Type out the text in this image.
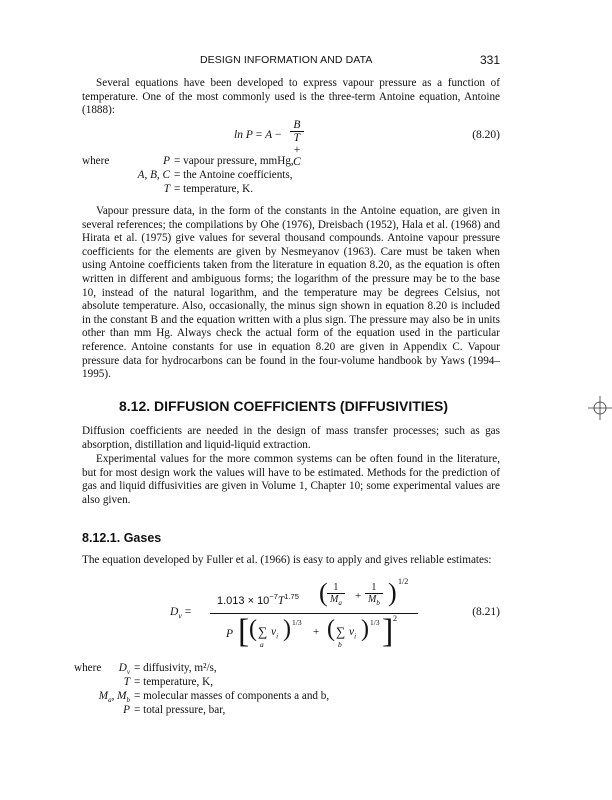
DESIGN INFORMATION AND DATA	331
Several equations have been developed to express vapour pressure as a function of temperature. One of the most commonly used is the three-term Antoine equation, Antoine (1888):
$\ln P = A - \frac{B}{T + C}$	(8.20)
where	P = vapour pressure, mmHg,
A, B, C = the Antoine coefficients,
T = temperature, K.
Vapour pressure data, in the form of the constants in the Antoine equation, are given in several references; the compilations by Ohe (1976), Dreisbach (1952), Hala et al. (1968) and Hirata et al. (1975) give values for several thousand compounds. Antoine vapour pressure coefficients for the elements are given by Nesmeyanov (1963). Care must be taken when using Antoine coefficients taken from the literature in equation 8.20, as the equation is often written in different and ambiguous forms; the logarithm of the pressure may be to the base 10, instead of the natural logarithm, and the temperature may be degrees Celsius, not absolute temperature. Also, occasionally, the minus sign shown in equation 8.20 is included in the constant B and the equation written with a plus sign. The pressure may also be in units other than mm Hg. Always check the actual form of the equation used in the particular reference. Antoine constants for use in equation 8.20 are given in Appendix C. Vapour pressure data for hydrocarbons can be found in the four-volume handbook by Yaws (1994–1995).
8.12. DIFFUSION COEFFICIENTS (DIFFUSIVITIES)
Diffusion coefficients are needed in the design of mass transfer processes; such as gas absorption, distillation and liquid-liquid extraction.
Experimental values for the more common systems can be often found in the literature, but for most design work the values will have to be estimated. Methods for the prediction of gas and liquid diffusivities are given in Volume 1, Chapter 10; some experimental values are also given.
8.12.1. Gases
The equation developed by Fuller et al. (1966) is easy to apply and gives reliable estimates:
$D_v$ =
$1.013 \times 10^{-7}T^{1.75}$ ( $\frac{1}{M_a} + \frac{1}{M_b}$ ) 1/2
P [ ( ∑ $v_i$
a
) 1/3
+ ( ∑ $v_i$
b
) 1/3 ] 2
(8.21)
where	$D_v$ = diffusivity, m²/s,
T = temperature, K,
$M_a$, $M_b$ = molecular masses of components a and b,
P = total pressure, bar,
